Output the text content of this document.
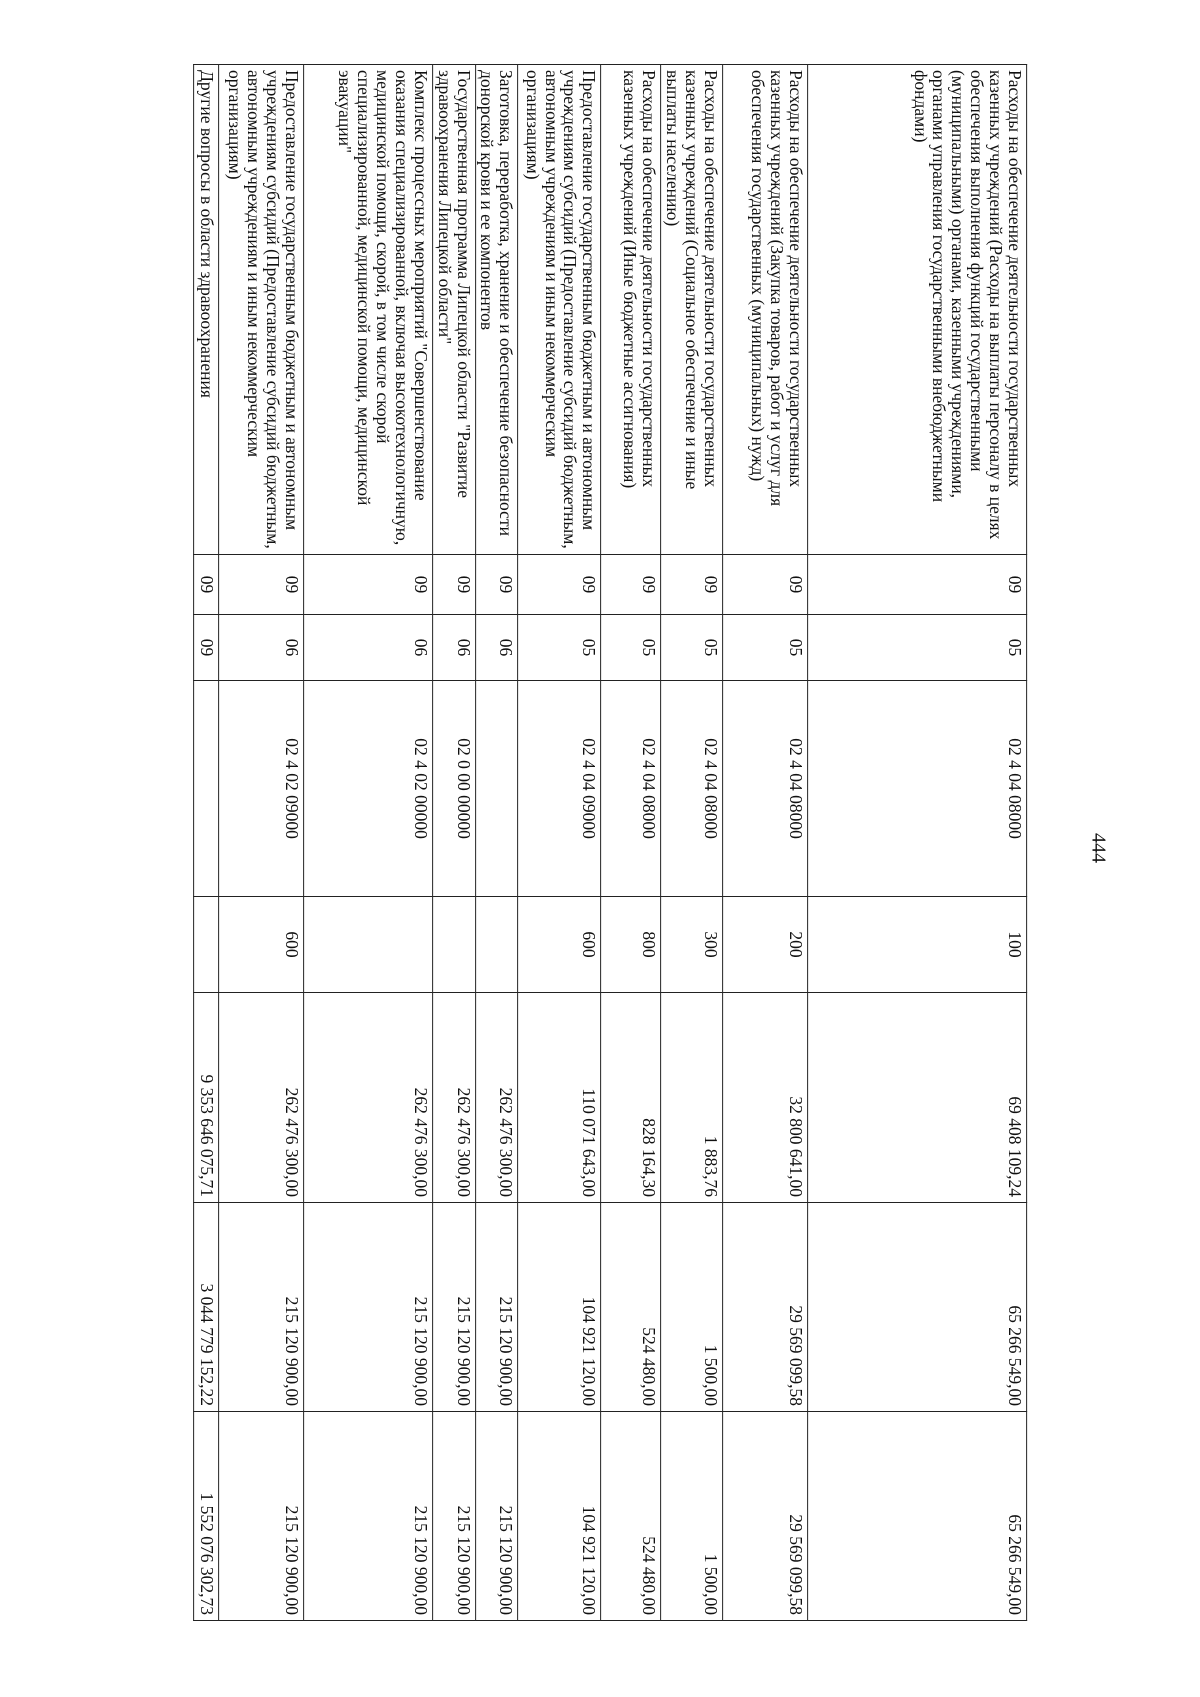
444
Расходы на обеспечение деятельности государственных казенных учреждений (Расходы на выплаты персоналу в целях обеспечения выполнения функций государственными (муниципальными) органами, казенными учреждениями, органами управления государственными внебюджетными фондами)	09	05	02 4 04 08000	100	69 408 109,24	65 266 549,00	65 266 549,00
Расходы на обеспечение деятельности государственных казенных учреждений (Закупка товаров, работ и услуг для обеспечения государственных (муниципальных) нужд)	09	05	02 4 04 08000	200	32 800 641,00	29 569 099,58	29 569 099,58
Расходы на обеспечение деятельности государственных казенных учреждений (Социальное обеспечение и иные выплаты населению)	09	05	02 4 04 08000	300	1 883,76	1 500,00	1 500,00
Расходы на обеспечение деятельности государственных казенных учреждений (Иные бюджетные ассигнования)	09	05	02 4 04 08000	800	828 164,30	524 480,00	524 480,00
Предоставление государственным бюджетным и автономным учреждениям субсидий (Предоставление субсидий бюджетным, автономным учреждениям и иным некоммерческим организациям)	09	05	02 4 04 09000	600	110 071 643,00	104 921 120,00	104 921 120,00
Заготовка, переработка, хранение и обеспечение безопасности донорской крови и ее компонентов	09	06			262 476 300,00	215 120 900,00	215 120 900,00
Государственная программа Липецкой области "Развитие здравоохранения Липецкой области"	09	06	02 0 00 00000		262 476 300,00	215 120 900,00	215 120 900,00
Комплекс процессных мероприятий "Совершенствование оказания специализированной, включая высокотехнологичную, медицинской помощи, скорой, в том числе скорой специализированной, медицинской помощи, медицинской эвакуации"	09	06	02 4 02 00000		262 476 300,00	215 120 900,00	215 120 900,00
Предоставление государственным бюджетным и автономным учреждениям субсидий (Предоставление субсидий бюджетным, автономным учреждениям и иным некоммерческим организациям)	09	06	02 4 02 09000	600	262 476 300,00	215 120 900,00	215 120 900,00
Другие вопросы в области здравоохранения	09	09			9 353 646 075,71	3 044 779 152,22	1 552 076 302,73
